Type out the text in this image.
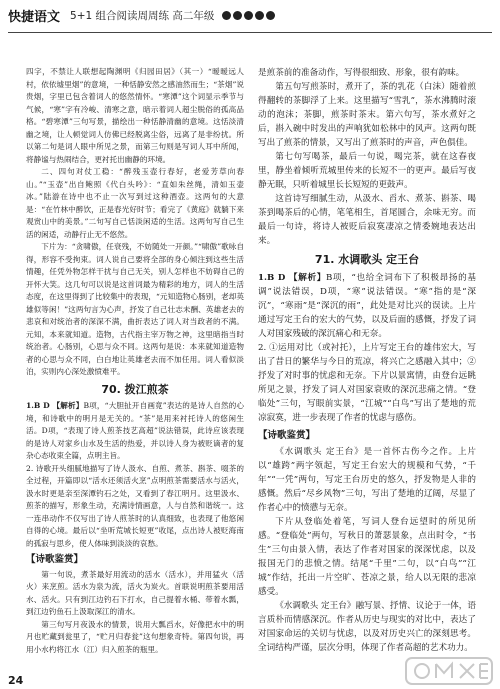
快捷语文 5+1 组合阅读周周练 高二年级

四字，不禁让人联想起陶渊明《归园田居》（其一）“暧暧远人村，依依墟里烟”的意境，一种恬静安然之感油然而生；“茶烟”说贵烟，字里已包含着词人的悠然情怀。“寒潭”这个词显示季节与气候，“寒”字有冷峻、清寒之意，暗示着词人超尘脱俗的孤高品格。“碧寒潭”三句写景，描绘出一种恬静清幽的意境。这恬淡清幽之境，让人顿觉词人仿佛已经脱离尘俗，远离了是非纷扰。所以第二句是词人眼中所见之景，而第三句则是写词人耳中所闻，将静谧与热闹结合，更衬托出幽静的环境。

二、四句对仗工稳：“醉残玉壶行春好，老爱芳草向春山。”“玉壶”出自鲍照《代白头吟》：“直如朱丝绳，清如玉壶冰。”陆游在诗中也不止一次写到过这种酒壶。这两句的大意是：“在竹林中醉饮，正是春光好时节；看完了《黄庭》就躺下来观赏山中的美景。”二句写自己恬淡闲适的生活。这两句写自己生活的闲适，动静行止无不悠然。

下片为：“贪啸傲，任衰残，不妨随处一开颜。”“啸傲”歌咏自得，形容不受拘束。词人说自己要将全部的身心倾注到这些生活情趣，任凭外物怎样干扰与自己无关，别人怎样也不妨碍自己的开怀大笑。这几句可以说是这首词最为精彩的地方，词人的生活态度，在这里得到了比较集中的表现，“元知造物心肠别，老却英雄似等闲！”这两句言为心声，抒发了自己壮志未酬、英雄老去的悲哀和对统治者的深深不满，曲折表达了词人对当政者的不满。元知，本来就知道。造物，古代指主宰万物之神，这里暗指当时统治者。心肠别，心思与众不同。这两句是说：本来就知道造物者的心思与众不同，白白地让英雄老去而不加任用。词人看似淡泊，实则内心深处激愤难平。

70. 拨江煎茶

1.B D 【解析】B项，“大胆扯开自画竟”表达的是诗人自然的心境，和诗歌中的明月是无关的。“茶”是用来衬托诗人的悠闲生活。D项，“表现了诗人煎茶技艺高超”说法错误，此诗应该表现的是诗人对家乡山水及生活的热爱，并以诗人身为被贬谪者的复杂心态收束全篇，点明主旨。

2. 诗歌开头细腻地描写了诗人汲水、自煎、煮茶、斟茶、啜茶的全过程，开篇即以“活水还须活火烹”点明煎茶需要活水与活火，汲水时更是亲至深潭钓石之处，又看到了春江明月。这里汲水、煎茶的描写，形象生动，充满诗情画意，人与自然和谐统一。这一连串动作不仅写出了诗人煎茶时的认真细致，也表现了他悠闲自得的心境。最后以“坐听荒城长短更”收尾，点出诗人被贬海南的孤寂与思乡，使人体味到淡淡的哀愁。

【诗歌鉴赏】

第一句说，煮茶最好用流动的活水（活水），并用猛火（活火）来烹煎。活水为泉为流，活火为炭火。首联说明煎茶要用活水、活火。只有到江边钓石下打水，自己提着水桶、带着水瓢，到江边钓鱼石上汲取深江的清水。

第三句写月夜汲水的情景，说用大瓢舀水，好像把水中的明月也贮藏到瓮里了，“贮月归春瓮”这句想象奇特。第四句说，再用小水杓将江水（江）归入煎茶的瓶里。

是煎茶前的准备动作，写得很细致、形象，很有韵味。

第五句写煎茶时，煮开了，茶的乳花（白沫）随着煎得翻转的茶脚浮了上来。这里描写“雪乳”，茶水沸腾时滚动的泡沫；茶脚，煎茶时茶末。第六句写，茶水煮好之后，斟入碗中时发出的声响犹如松林中的风声。这两句既写出了煎茶的情景，又写出了煎茶时的声音，声色俱佳。

第七句写喝茶，最后一句说，喝完茶，就在这春夜里，静坐着倾听荒城里传来的长短不一的更声。最后写夜静无眠，只听着城里长长短短的更鼓声。

这首诗写细腻生动，从汲水、舀水、煮茶、斟茶、喝茶到喝茶后的心情，笔笔相生，首尾圆合，余味无穷。而最后一句诗，将诗人被贬后寂寞凄凉之情委婉地表达出来。

71. 水调歌头 定王台

1.B D 【解析】B项，“也给全词布下了积极昂扬的基调”说法错误，D项，“寒”说法错误。“寒”指的是“深沉”，“寒雨”是“深沉的雨”，此处是对比兴的误读。上片通过写定王台的宏大的气势，以及后面的感慨，抒发了词人对国家残破的深沉痛心和无奈。

2. ①运用对比（或衬托），上片写定王台的雄伟宏大，写出了昔日的繁华与今日的荒凉，将兴亡之感融入其中；②抒发了对时事的忧虑和无奈。下片以景寓情，由登台远眺所见之景，抒发了词人对国家衰败的深沉悲痛之情。“登临处”三句，写眼前实景，“江城”“白鸟”写出了楚地的荒凉寂寞，进一步表现了作者的忧虑与感伤。

【诗歌鉴赏】

《水调歌头 定王台》是一首怀古伤今之作。上片以“雄跨”两字领起，写定王台宏大的规模和气势，“千年”“一凭”两句，写定王台历史的悠久，抒发物是人非的感慨。然后“尽乡风物”三句，写出了楚地的辽阔，尽显了作者心中的愤懑与无奈。

下片从登临处着笔，写词人登台远望时的所见所感。“登临处”两句，写秋日的萧瑟景象，点出时令，“书生”三句由景入情，表达了作者对国家的深深忧虑，以及报国无门的悲愤之情。结尾“千里”二句，以“白鸟”“江城”作结，托出一片空旷、苍凉之景，给人以无限的悲凉感受。

《水调歌头 定王台》融写景、抒情、议论于一体，语言质朴而情感深沉。作者从历史与现实的对比中，表达了对国家命运的关切与忧虑，以及对历史兴亡的深刻思考。全词结构严谨，层次分明，体现了作者高超的艺术功力。

24
